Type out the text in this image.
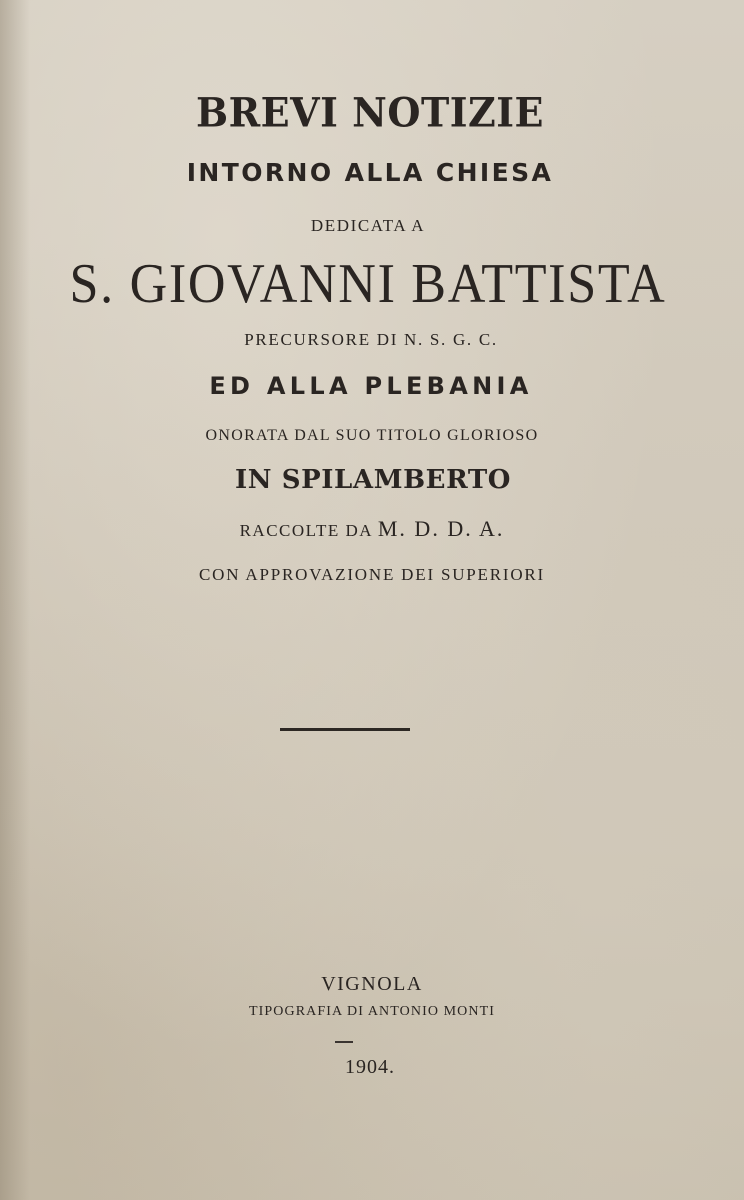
BREVI NOTIZIE
INTORNO ALLA CHIESA
DEDICATA A
S. GIOVANNI BATTISTA
PRECURSORE DI N. S. G. C.
ED ALLA PLEBANIA
ONORATA DAL SUO TITOLO GLORIOSO
IN SPILAMBERTO
RACCOLTE DA M. D. D. A.
CON APPROVAZIONE DEI SUPERIORI
VIGNOLA
TIPOGRAFIA DI ANTONIO MONTI
1904.
